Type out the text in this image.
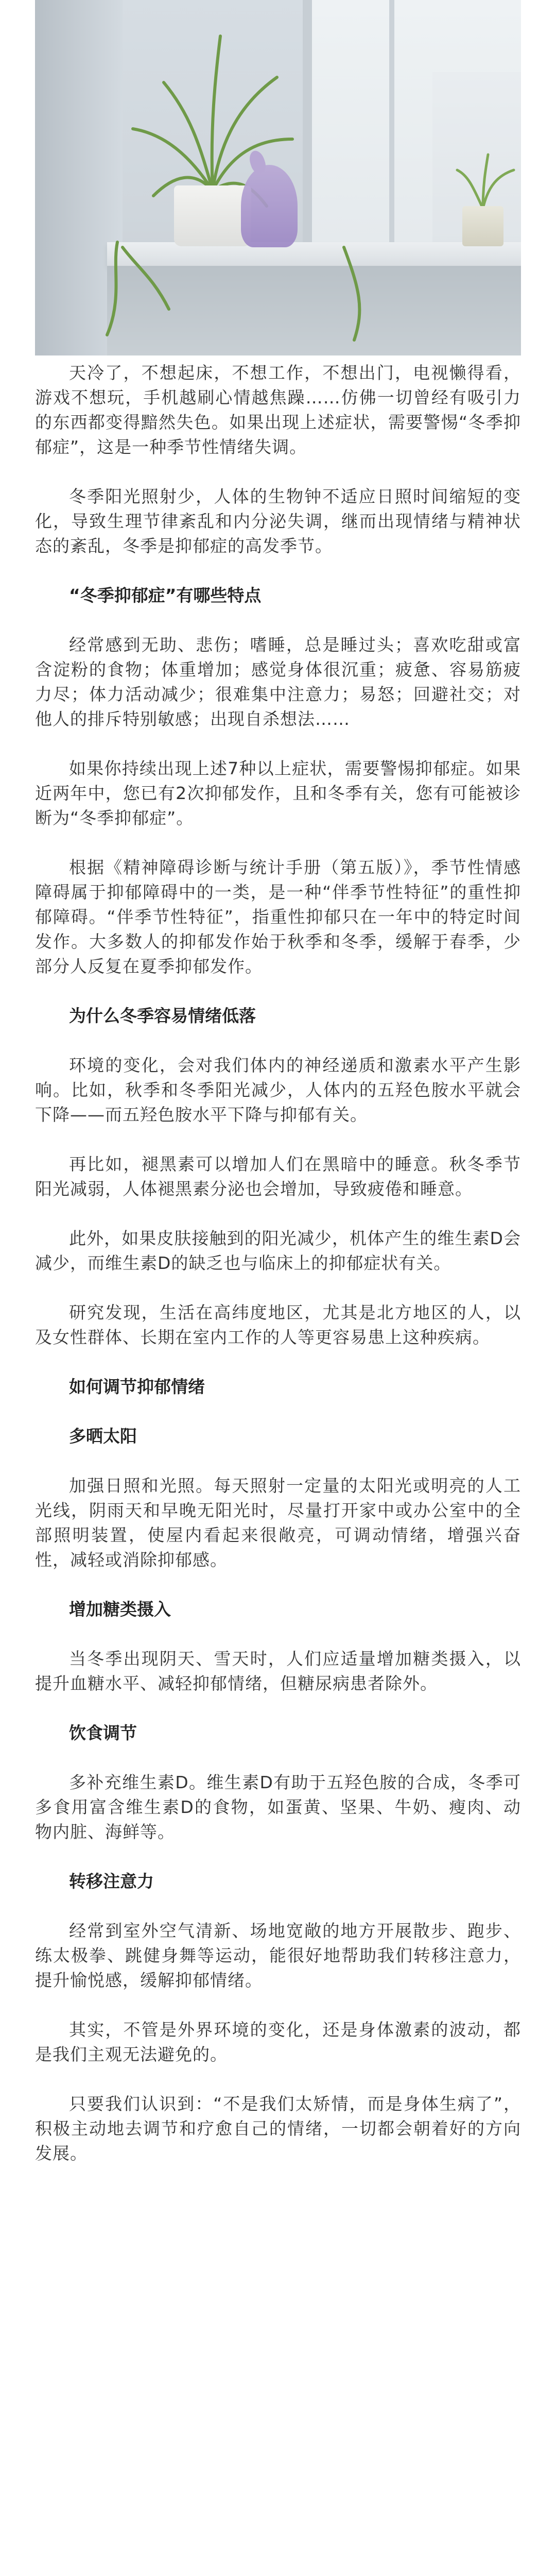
天冷了，不想起床，不想工作，不想出门，电视懒得看，游戏不想玩，手机越刷心情越焦躁……仿佛一切曾经有吸引力的东西都变得黯然失色。如果出现上述症状，需要警惕“冬季抑郁症”，这是一种季节性情绪失调。

冬季阳光照射少，人体的生物钟不适应日照时间缩短的变化，导致生理节律紊乱和内分泌失调，继而出现情绪与精神状态的紊乱，冬季是抑郁症的高发季节。

“冬季抑郁症”有哪些特点

经常感到无助、悲伤；嗜睡，总是睡过头；喜欢吃甜或富含淀粉的食物；体重增加；感觉身体很沉重；疲惫、容易筋疲力尽；体力活动减少；很难集中注意力；易怒；回避社交；对他人的排斥特别敏感；出现自杀想法……

如果你持续出现上述7种以上症状，需要警惕抑郁症。如果近两年中，您已有2次抑郁发作，且和冬季有关，您有可能被诊断为“冬季抑郁症”。

根据《精神障碍诊断与统计手册（第五版）》，季节性情感障碍属于抑郁障碍中的一类，是一种“伴季节性特征”的重性抑郁障碍。“伴季节性特征”，指重性抑郁只在一年中的特定时间发作。大多数人的抑郁发作始于秋季和冬季，缓解于春季，少部分人反复在夏季抑郁发作。

为什么冬季容易情绪低落

环境的变化，会对我们体内的神经递质和激素水平产生影响。比如，秋季和冬季阳光减少，人体内的五羟色胺水平就会下降——而五羟色胺水平下降与抑郁有关。

再比如，褪黑素可以增加人们在黑暗中的睡意。秋冬季节阳光减弱，人体褪黑素分泌也会增加，导致疲倦和睡意。

此外，如果皮肤接触到的阳光减少，机体产生的维生素D会减少，而维生素D的缺乏也与临床上的抑郁症状有关。

研究发现，生活在高纬度地区，尤其是北方地区的人，以及女性群体、长期在室内工作的人等更容易患上这种疾病。

如何调节抑郁情绪
多晒太阳

加强日照和光照。每天照射一定量的太阳光或明亮的人工光线，阴雨天和早晚无阳光时，尽量打开家中或办公室中的全部照明装置，使屋内看起来很敞亮，可调动情绪，增强兴奋性，减轻或消除抑郁感。

增加糖类摄入

当冬季出现阴天、雪天时，人们应适量增加糖类摄入，以提升血糖水平、减轻抑郁情绪，但糖尿病患者除外。

饮食调节

多补充维生素D。维生素D有助于五羟色胺的合成，冬季可多食用富含维生素D的食物，如蛋黄、坚果、牛奶、瘦肉、动物内脏、海鲜等。

转移注意力

经常到室外空气清新、场地宽敞的地方开展散步、跑步、练太极拳、跳健身舞等运动，能很好地帮助我们转移注意力，提升愉悦感，缓解抑郁情绪。

其实，不管是外界环境的变化，还是身体激素的波动，都是我们主观无法避免的。

只要我们认识到：“不是我们太矫情，而是身体生病了”，积极主动地去调节和疗愈自己的情绪，一切都会朝着好的方向发展。
